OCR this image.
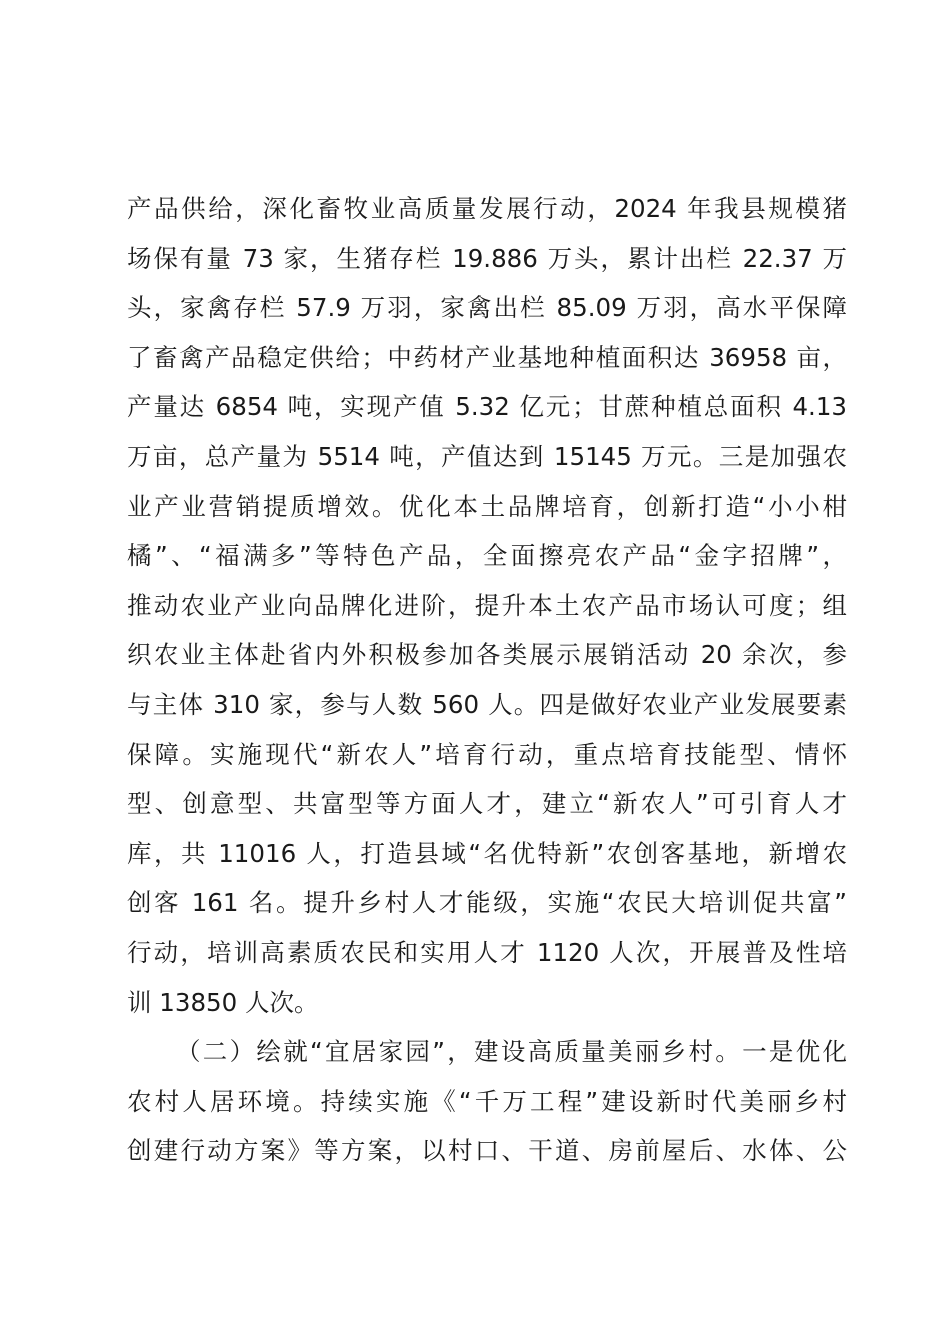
产品供给，深化畜牧业高质量发展行动，2024 年我县规模猪
场保有量 73 家，生猪存栏 19.886 万头，累计出栏 22.37 万
头，家禽存栏 57.9 万羽，家禽出栏 85.09 万羽，高水平保障
了畜禽产品稳定供给；中药材产业基地种植面积达 36958 亩，
产量达 6854 吨，实现产值 5.32 亿元；甘蔗种植总面积 4.13
万亩，总产量为 5514 吨，产值达到 15145 万元。三是加强农
业产业营销提质增效。优化本土品牌培育，创新打造“小小柑
橘”、“福满多”等特色产品，全面擦亮农产品“金字招牌”，
推动农业产业向品牌化进阶，提升本土农产品市场认可度；组
织农业主体赴省内外积极参加各类展示展销活动 20 余次，参
与主体 310 家，参与人数 560 人。四是做好农业产业发展要素
保障。实施现代“新农人”培育行动，重点培育技能型、情怀
型、创意型、共富型等方面人才，建立“新农人”可引育人才
库，共 11016 人，打造县域“名优特新”农创客基地，新增农
创客 161 名。提升乡村人才能级，实施“农民大培训促共富”
行动，培训高素质农民和实用人才 1120 人次，开展普及性培
训 13850 人次。
（二）绘就“宜居家园”，建设高质量美丽乡村。一是优化
农村人居环境。持续实施《“千万工程”建设新时代美丽乡村
创建行动方案》等方案，以村口、干道、房前屋后、水体、公
